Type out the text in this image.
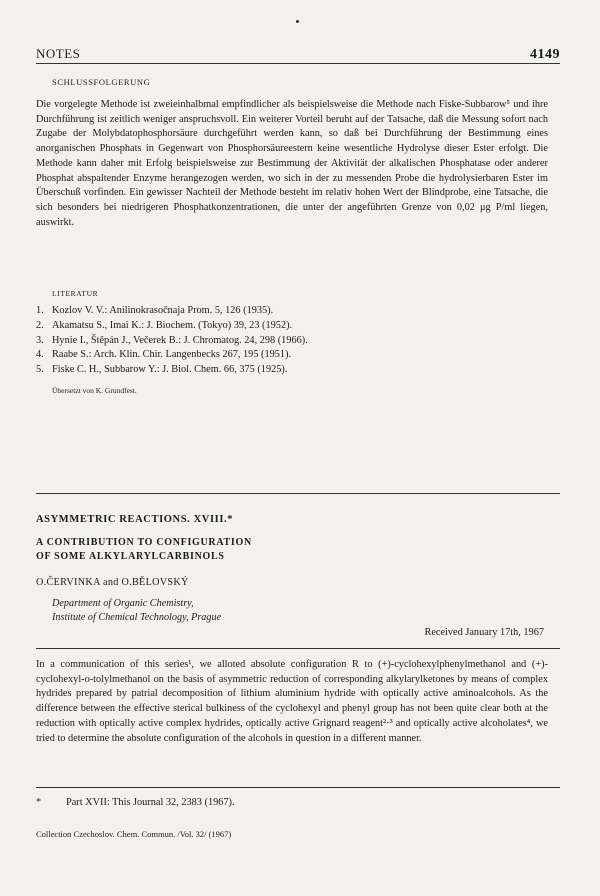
NOTES	4149
SCHLUSSFOLGERUNG
Die vorgelegte Methode ist zweieinhalbmal empfindlicher als beispielsweise die Methode nach Fiske-Subbarow⁵ und ihre Durchführung ist zeitlich weniger anspruchsvoll. Ein weiterer Vorteil beruht auf der Tatsache, daß die Messung sofort nach Zugabe der Molybdatophosphorsäure durchgeführt werden kann, so daß bei Durchführung der Bestimmung eines anorganischen Phosphats in Gegenwart von Phosphorsäureestern keine wesentliche Hydrolyse dieser Ester erfolgt. Die Methode kann daher mit Erfolg beispielsweise zur Bestimmung der Aktivität der alkalischen Phosphatase oder anderer Phosphat abspaltender Enzyme herangezogen werden, wo sich in der zu messenden Probe die hydrolysierbaren Ester im Überschuß vorfinden. Ein gewisser Nachteil der Methode besteht im relativ hohen Wert der Blindprobe, eine Tatsache, die sich besonders bei niedrigeren Phosphatkonzentrationen, die unter der angeführten Grenze von 0,02 μg P/ml liegen, auswirkt.
LITERATUR
1. Kozlov V. V.: Anilinokrasočnaja Prom. 5, 126 (1935).
2. Akamatsu S., Imai K.: J. Biochem. (Tokyo) 39, 23 (1952).
3. Hynie I., Štěpán J., Večerek B.: J. Chromatog. 24, 298 (1966).
4. Raabe S.: Arch. Klin. Chir. Langenbecks 267, 195 (1951).
5. Fiske C. H., Subbarow Y.: J. Biol. Chem. 66, 375 (1925).
Übersetzt von K. Grundfest.
ASYMMETRIC REACTIONS. XVIII.*
A CONTRIBUTION TO CONFIGURATION
OF SOME ALKYLARYLCARBINOLS
O.ČERVINKA and O.BĚLOVSKÝ
Department of Organic Chemistry,
Institute of Chemical Technology, Prague
Received January 17th, 1967
In a communication of this series¹, we alloted absolute configuration R to (+)-cyclohexylphenylmethanol and (+)-cyclohexyl-o-tolylmethanol on the basis of asymmetric reduction of corresponding alkylarylketones by means of complex hydrides prepared by patrial decomposition of lithium aluminium hydride with optically active aminoalcohols. As the difference between the effective sterical bulkiness of the cyclohexyl and phenyl group has not been quite clear both at the reduction with optically active complex hydrides, optically active Grignard reagent²·³ and optically active alcoholates⁴, we tried to determine the absolute configuration of the alcohols in question in a different manner.
* Part XVII: This Journal 32, 2383 (1967).
Collection Czechoslov. Chem. Commun. /Vol. 32/ (1967)
